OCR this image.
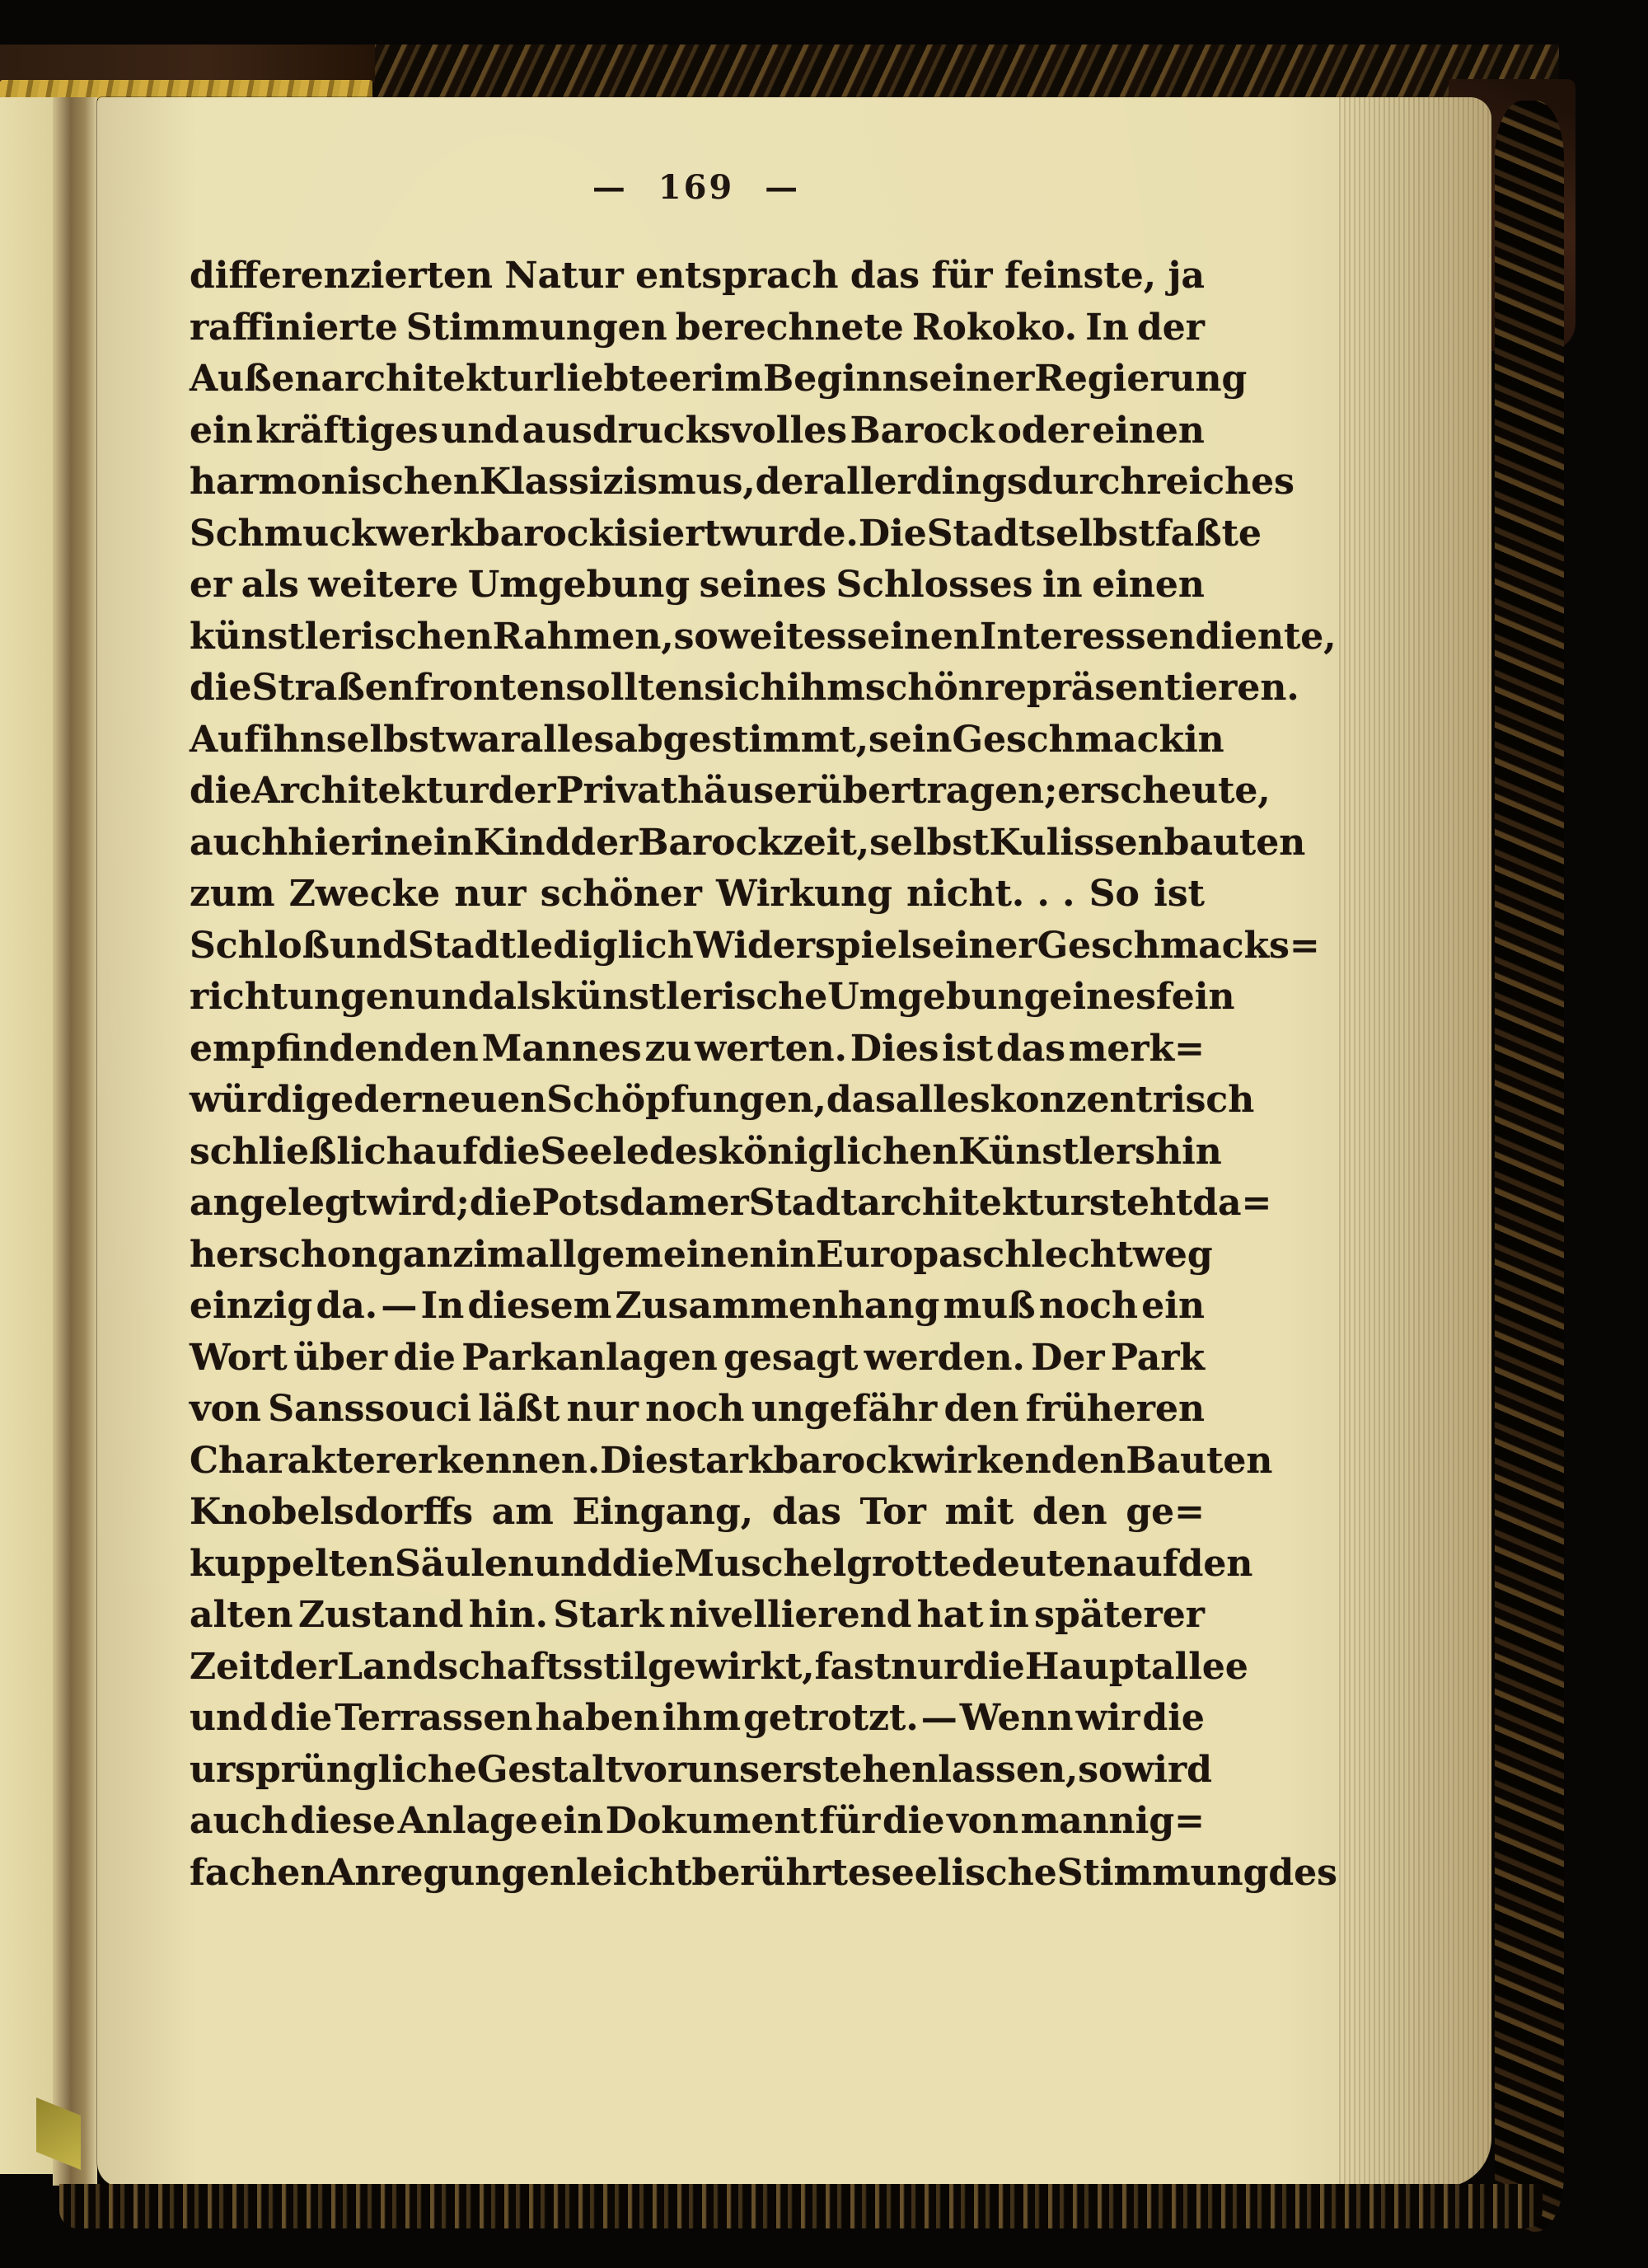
— 169 —
differenzierten Natur entsprach das für feinste, ja
raffinierte Stimmungen berechnete Rokoko. In der
Außenarchitektur liebte er im Beginn seiner Regierung
ein kräftiges und ausdrucksvolles Barock oder einen
harmonischen Klassizismus, der allerdings durch reiches
Schmuckwerk barockisiert wurde. Die Stadt selbst faßte
er als weitere Umgebung seines Schlosses in einen
künstlerischen Rahmen, soweit es seinen Interessen diente,
die Straßenfronten sollten sich ihm schön repräsentieren.
Auf ihn selbst war alles abgestimmt, sein Geschmack in
die Architektur der Privathäuser übertragen; er scheute,
auch hierin ein Kind der Barockzeit, selbst Kulissenbauten
zum Zwecke nur schöner Wirkung nicht. . . So ist
Schloß und Stadt lediglich Widerspiel seiner Geschmacks=
richtungen und als künstlerische Umgebung eines fein
empfindenden Mannes zu werten. Dies ist das merk=
würdige der neuen Schöpfungen, das alles konzentrisch
schließlich auf die Seele des königlichen Künstlers hin
angelegt wird; die Potsdamer Stadtarchitektur steht da=
her schon ganz im allgemeinen in Europa schlechtweg
einzig da. — In diesem Zusammenhang muß noch ein
Wort über die Parkanlagen gesagt werden. Der Park
von Sanssouci läßt nur noch ungefähr den früheren
Charakter erkennen. Die stark barock wirkenden Bauten
Knobelsdorffs am Eingang, das Tor mit den ge=
kuppelten Säulen und die Muschelgrotte deuten auf den
alten Zustand hin. Stark nivellierend hat in späterer
Zeit der Landschaftsstil gewirkt, fast nur die Hauptallee
und die Terrassen haben ihm getrotzt. — Wenn wir die
ursprüngliche Gestalt vor uns erstehen lassen, so wird
auch diese Anlage ein Dokument für die von mannig=
fachen Anregungen leicht berührte seelische Stimmung des
